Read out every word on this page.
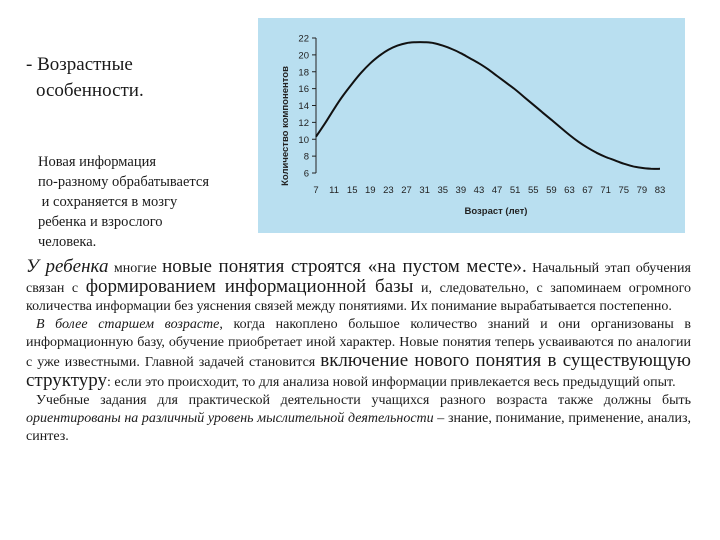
- Возрастные
особенности.
Новая информация
по-разному обрабатывается
и сохраняется в мозгу
ребенка и взрослого
человека.
6
8
10
12
14
16
18
20
22
7 11 15 19 23 27 31 35 39 43 47 51 55 59 63 67 71 75 79 83
Количество компонентов
Возраст (лет)

У ребенка многие новые понятия строятся «на пустом месте». Начальный этап обучения связан с формированием информационной базы и, следовательно, с запоминаем огромного количества информации без уяснения связей между понятиями. Их понимание вырабатывается постепенно.

В более старшем возрасте, когда накоплено большое количество знаний и они организованы в информационную базу, обучение приобретает иной характер. Новые понятия теперь усваиваются по аналогии с уже известными. Главной задачей становится включение нового понятия в существующую структуру: если это происходит, то для анализа новой информации привлекается весь предыдущий опыт.

Учебные задания для практической деятельности учащихся разного возраста также должны быть ориентированы на различный уровень мыслительной деятельности – знание, понимание, применение, анализ, синтез.
